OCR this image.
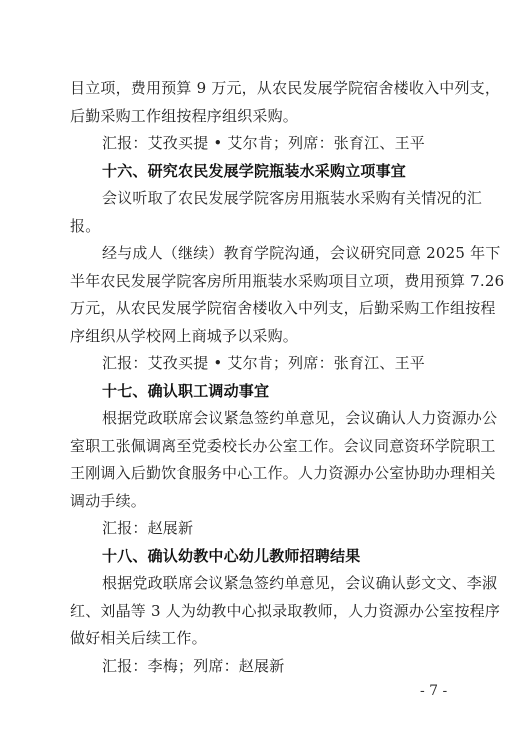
目立项，费用预算 9 万元，从农民发展学院宿舍楼收入中列支，
后勤采购工作组按程序组织采购。
汇报：艾孜买提 • 艾尔肯；列席：张育江、王平
十六、研究农民发展学院瓶装水采购立项事宜
会议听取了农民发展学院客房用瓶装水采购有关情况的汇
报。
经与成人（继续）教育学院沟通，会议研究同意 2025 年下
半年农民发展学院客房所用瓶装水采购项目立项，费用预算 7.26
万元，从农民发展学院宿舍楼收入中列支，后勤采购工作组按程
序组织从学校网上商城予以采购。
汇报：艾孜买提 • 艾尔肯；列席：张育江、王平
十七、确认职工调动事宜
根据党政联席会议紧急签约单意见，会议确认人力资源办公
室职工张佩调离至党委校长办公室工作。会议同意资环学院职工
王刚调入后勤饮食服务中心工作。人力资源办公室协助办理相关
调动手续。
汇报：赵展新
十八、确认幼教中心幼儿教师招聘结果
根据党政联席会议紧急签约单意见，会议确认彭文文、李淑
红、刘晶等 3 人为幼教中心拟录取教师，人力资源办公室按程序
做好相关后续工作。
汇报：李梅；列席：赵展新
- 7 -
